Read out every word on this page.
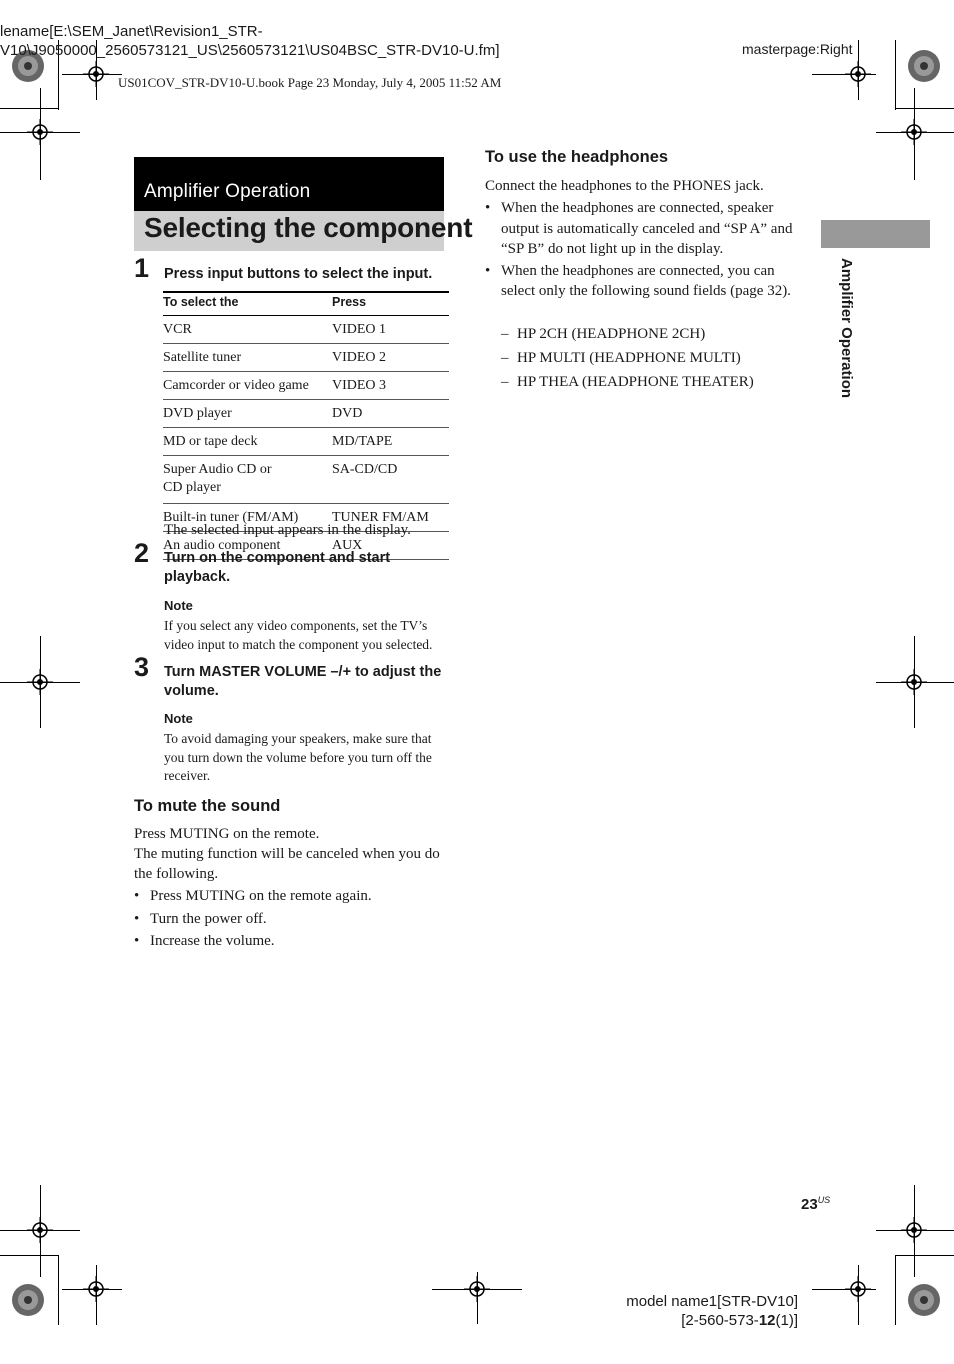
lename[E:\SEM_Janet\Revision1_STR-
V10\J9050000_2560573121_US\2560573121\US04BSC_STR-DV10-U.fm]	masterpage:Right
US01COV_STR-DV10-U.book Page 23 Monday, July 4, 2005 11:52 AM
Amplifier Operation
Selecting the component
Amplifier Operation
1 Press input buttons to select the input.
To select the	Press
VCR	VIDEO 1
Satellite tuner	VIDEO 2
Camcorder or video game	VIDEO 3
DVD player	DVD
MD or tape deck	MD/TAPE
Super Audio CD or
CD player	SA-CD/CD
Built-in tuner (FM/AM)	TUNER FM/AM
An audio component	AUX
The selected input appears in the display.
2 Turn on the component and start playback.
Note
If you select any video components, set the TV’s video input to match the component you selected.
3 Turn MASTER VOLUME –/+ to adjust the volume.
Note
To avoid damaging your speakers, make sure that you turn down the volume before you turn off the receiver.
To mute the sound
Press MUTING on the remote.
The muting function will be canceled when you do the following.
• Press MUTING on the remote again.
• Turn the power off.
• Increase the volume.
To use the headphones
Connect the headphones to the PHONES jack.
• When the headphones are connected, speaker output is automatically canceled and “SP A” and “SP B” do not light up in the display.
• When the headphones are connected, you can select only the following sound fields (page 32).
– HP 2CH (HEADPHONE 2CH)
– HP MULTI (HEADPHONE MULTI)
– HP THEA (HEADPHONE THEATER)
$23^{US}$
model name1[STR-DV10]
[2-560-573-12(1)]
